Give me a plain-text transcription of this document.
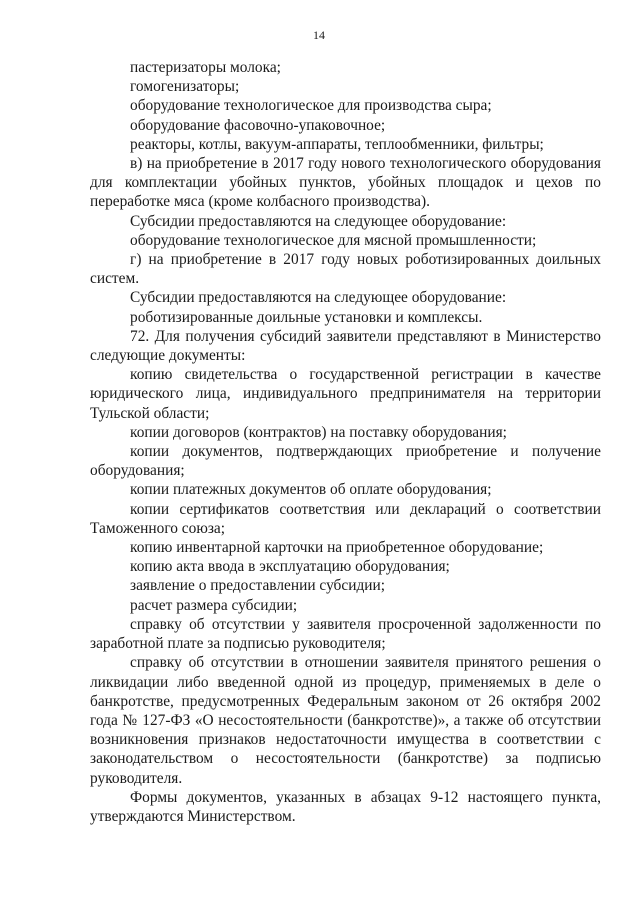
14

пастеризаторы молока;

гомогенизаторы;

оборудование технологическое для производства сыра;

оборудование фасовочно-упаковочное;

реакторы, котлы, вакуум-аппараты, теплообменники, фильтры;

в) на приобретение в 2017 году нового технологического оборудования для комплектации убойных пунктов, убойных площадок и цехов по переработке мяса (кроме колбасного производства).

Субсидии предоставляются на следующее оборудование:

оборудование технологическое для мясной промышленности;

г) на приобретение в 2017 году новых роботизированных доильных систем.

Субсидии предоставляются на следующее оборудование:

роботизированные доильные установки и комплексы.

72. Для получения субсидий заявители представляют в Министерство следующие документы:

копию свидетельства о государственной регистрации в качестве юридического лица, индивидуального предпринимателя на территории Тульской области;

копии договоров (контрактов) на поставку оборудования;

копии документов, подтверждающих приобретение и получение оборудования;

копии платежных документов об оплате оборудования;

копии сертификатов соответствия или деклараций о соответствии Таможенного союза;

копию инвентарной карточки на приобретенное оборудование;

копию акта ввода в эксплуатацию оборудования;

заявление о предоставлении субсидии;

расчет размера субсидии;

справку об отсутствии у заявителя просроченной задолженности по заработной плате за подписью руководителя;

справку об отсутствии в отношении заявителя принятого решения о ликвидации либо введенной одной из процедур, применяемых в деле о банкротстве, предусмотренных Федеральным законом от 26 октября 2002 года № 127-ФЗ «О несостоятельности (банкротстве)», а также об отсутствии возникновения признаков недостаточности имущества в соответствии с законодательством о несостоятельности (банкротстве) за подписью руководителя.

Формы документов, указанных в абзацах 9-12 настоящего пункта, утверждаются Министерством.
